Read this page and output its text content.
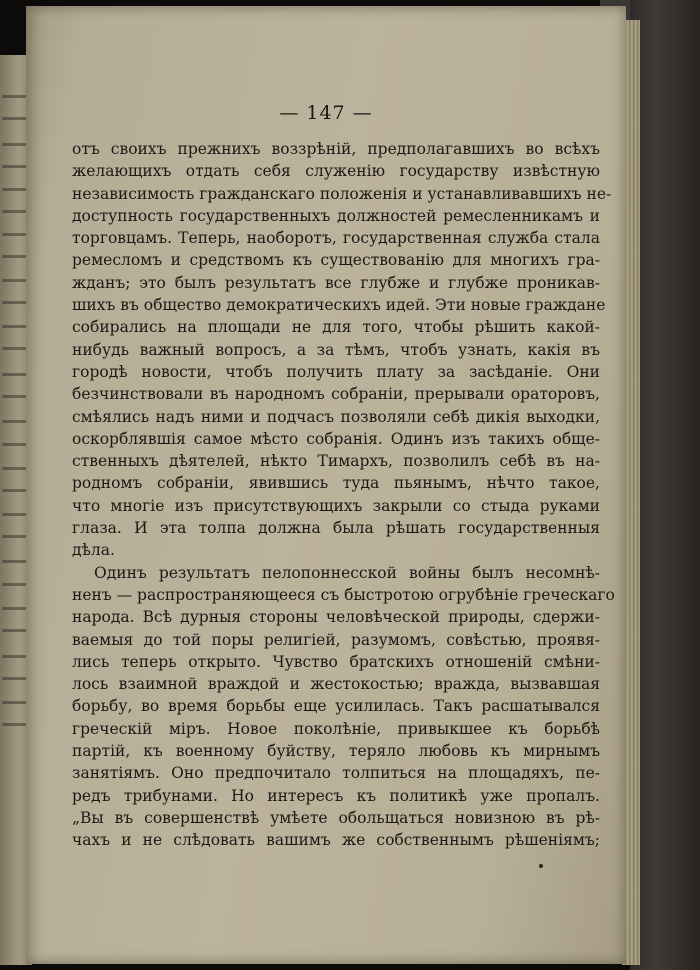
— 147 —
отъ своихъ прежнихъ воззрѣній, предполагавшихъ во всѣхъ
желающихъ отдать себя служенію государству извѣстную
независимость гражданскаго положенія и устанавливавшихъ не-
доступность государственныхъ должностей ремесленникамъ и
торговцамъ. Теперь, наоборотъ, государственная служба стала
ремесломъ и средствомъ къ существованію для многихъ гра-
жданъ; это былъ результатъ все глубже и глубже проникав-
шихъ въ общество демократическихъ идей. Эти новые граждане
собирались на площади не для того, чтобы рѣшить какой-
нибудь важный вопросъ, а за тѣмъ, чтобъ узнать, какія въ
городѣ новости, чтобъ получить плату за засѣданіе. Они
безчинствовали въ народномъ собраніи, прерывали ораторовъ,
смѣялись надъ ними и подчасъ позволяли себѣ дикія выходки,
оскорблявшія самое мѣсто собранія. Одинъ изъ такихъ обще-
ственныхъ дѣятелей, нѣкто Тимархъ, позволилъ себѣ въ на-
родномъ собраніи, явившись туда пьянымъ, нѣчто такое,
что многіе изъ присутствующихъ закрыли со стыда руками
глаза. И эта толпа должна была рѣшать государственныя
дѣла.
Одинъ результатъ пелопоннесской войны былъ несомнѣ-
ненъ — распространяющееся съ быстротою огрубѣніе греческаго
народа. Всѣ дурныя стороны человѣческой природы, сдержи-
ваемыя до той поры религіей, разумомъ, совѣстью, проявя-
лись теперь открыто. Чувство братскихъ отношеній смѣни-
лось взаимной враждой и жестокостью; вражда, вызвавшая
борьбу, во время борьбы еще усилилась. Такъ расшатывался
греческій міръ. Новое поколѣніе, привыкшее къ борьбѣ
партій, къ военному буйству, теряло любовь къ мирнымъ
занятіямъ. Оно предпочитало толпиться на площадяхъ, пе-
редъ трибунами. Но интересъ къ политикѣ уже пропалъ.
„Вы въ совершенствѣ умѣете обольщаться новизною въ рѣ-
чахъ и не слѣдовать вашимъ же собственнымъ рѣшеніямъ;
